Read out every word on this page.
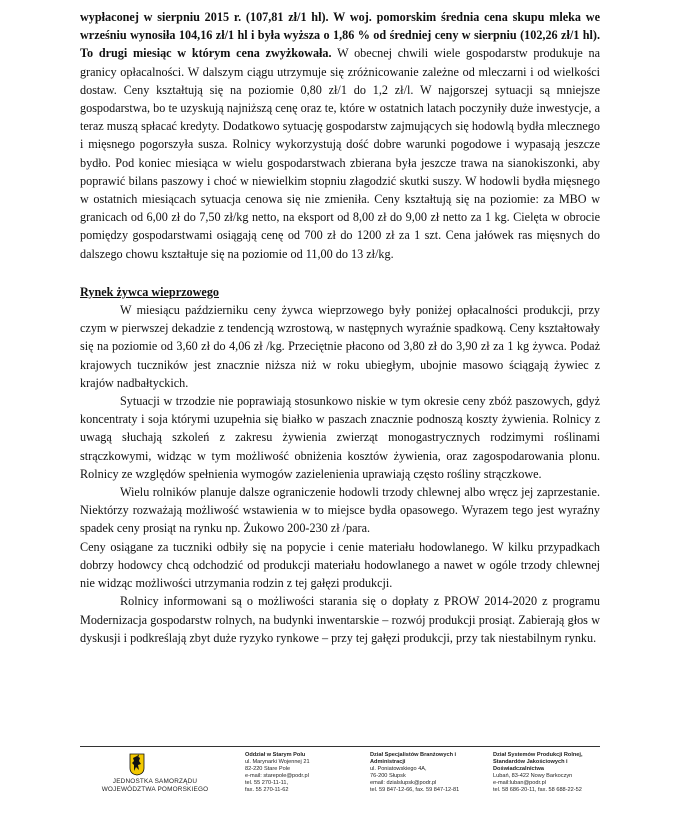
wypłaconej w sierpniu 2015 r. (107,81 zł/1 hl). W woj. pomorskim średnia cena skupu mleka we wrześniu wynosiła 104,16 zł/1 hl i była wyższa o 1,86 % od średniej ceny w sierpniu (102,26 zł/1 hl). To drugi miesiąc w którym cena zwyżkowała. W obecnej chwili wiele gospodarstw produkuje na granicy opłacalności. W dalszym ciągu utrzymuje się zróżnicowanie zależne od mleczarni i od wielkości dostaw. Ceny kształtują się na poziomie 0,80 zł/1 do 1,2 zł/l. W najgorszej sytuacji są mniejsze gospodarstwa, bo te uzyskują najniższą cenę oraz te, które w ostatnich latach poczyniły duże inwestycje, a teraz muszą spłacać kredyty. Dodatkowo sytuację gospodarstw zajmujących się hodowlą bydła mlecznego i mięsnego pogorszyła susza. Rolnicy wykorzystują dość dobre warunki pogodowe i wypasają jeszcze bydło. Pod koniec miesiąca w wielu gospodarstwach zbierana była jeszcze trawa na sianokiszonki, aby poprawić bilans paszowy i choć w niewielkim stopniu złagodzić skutki suszy. W hodowli bydła mięsnego w ostatnich miesiącach sytuacja cenowa się nie zmieniła. Ceny kształtują się na poziomie: za MBO w granicach od 6,00 zł do 7,50 zł/kg netto, na eksport od 8,00 zł do 9,00 zł netto za 1 kg. Cielęta w obrocie pomiędzy gospodarstwami osiągają cenę od 700 zł do 1200 zł za 1 szt. Cena jałówek ras mięsnych do dalszego chowu kształtuje się na poziomie od 11,00 do 13 zł/kg.

Rynek żywca wieprzowego

W miesiącu październiku ceny żywca wieprzowego były poniżej opłacalności produkcji, przy czym w pierwszej dekadzie z tendencją wzrostową, w następnych wyraźnie spadkową. Ceny kształtowały się na poziomie od 3,60 zł do 4,06 zł /kg. Przeciętnie płacono od 3,80 zł do 3,90 zł za 1 kg żywca. Podaż krajowych tuczników jest znacznie niższa niż w roku ubiegłym, ubojnie masowo ściągają żywiec z krajów nadbałtyckich.

Sytuacji w trzodzie nie poprawiają stosunkowo niskie w tym okresie ceny zbóż paszowych, gdyż koncentraty i soja którymi uzupełnia się białko w paszach znacznie podnoszą koszty żywienia. Rolnicy z uwagą słuchają szkoleń z zakresu żywienia zwierząt monogastrycznych rodzimymi roślinami strączkowymi, widząc w tym możliwość obniżenia kosztów żywienia, oraz zagospodarowania plonu. Rolnicy ze względów spełnienia wymogów zazielenienia uprawiają często rośliny strączkowe.

Wielu rolników planuje dalsze ograniczenie hodowli trzody chlewnej albo wręcz jej zaprzestanie. Niektórzy rozważają możliwość wstawienia w to miejsce bydła opasowego. Wyrazem tego jest wyraźny spadek ceny prosiąt na rynku np. Żukowo 200-230 zł /para.

Ceny osiągane za tuczniki odbiły się na popycie i cenie materiału hodowlanego. W kilku przypadkach dobrzy hodowcy chcą odchodzić od produkcji materiału hodowlanego a nawet w ogóle trzody chlewnej nie widząc możliwości utrzymania rodzin z tej gałęzi produkcji.

Rolnicy informowani są o możliwości starania się o dopłaty z PROW 2014-2020 z programu Modernizacja gospodarstw rolnych, na budynki inwentarskie – rozwój produkcji prosiąt. Zabierają głos w dyskusji i podkreślają zbyt duże ryzyko rynkowe – przy tej gałęzi produkcji, przy tak niestabilnym rynku.

JEDNOSTKA SAMORZĄDU
WOJEWÓDZTWA POMORSKIEGO
Oddział w Starym Polu
ul. Marynarki Wojennej 21
82-220 Stare Pole
e-mail: starepole@podr.pl
tel. 55 270-11-11,
fax. 55 270-11-62
Dział Specjalistów Branżowych i Administracji
ul. Poniatowskiego 4A,
76-200 Słupsk
email: dzialslupsk@podr.pl
tel. 59 847-12-66, fax. 59 847-12-81
Dział Systemów Produkcji Rolnej, Standardów Jakościowych i Doświadczalnictwa
Lubań, 83-422 Nowy Barkoczyn
e-mail:luban@podr.pl
tel. 58 686-20-11, fax. 58 688-22-52
